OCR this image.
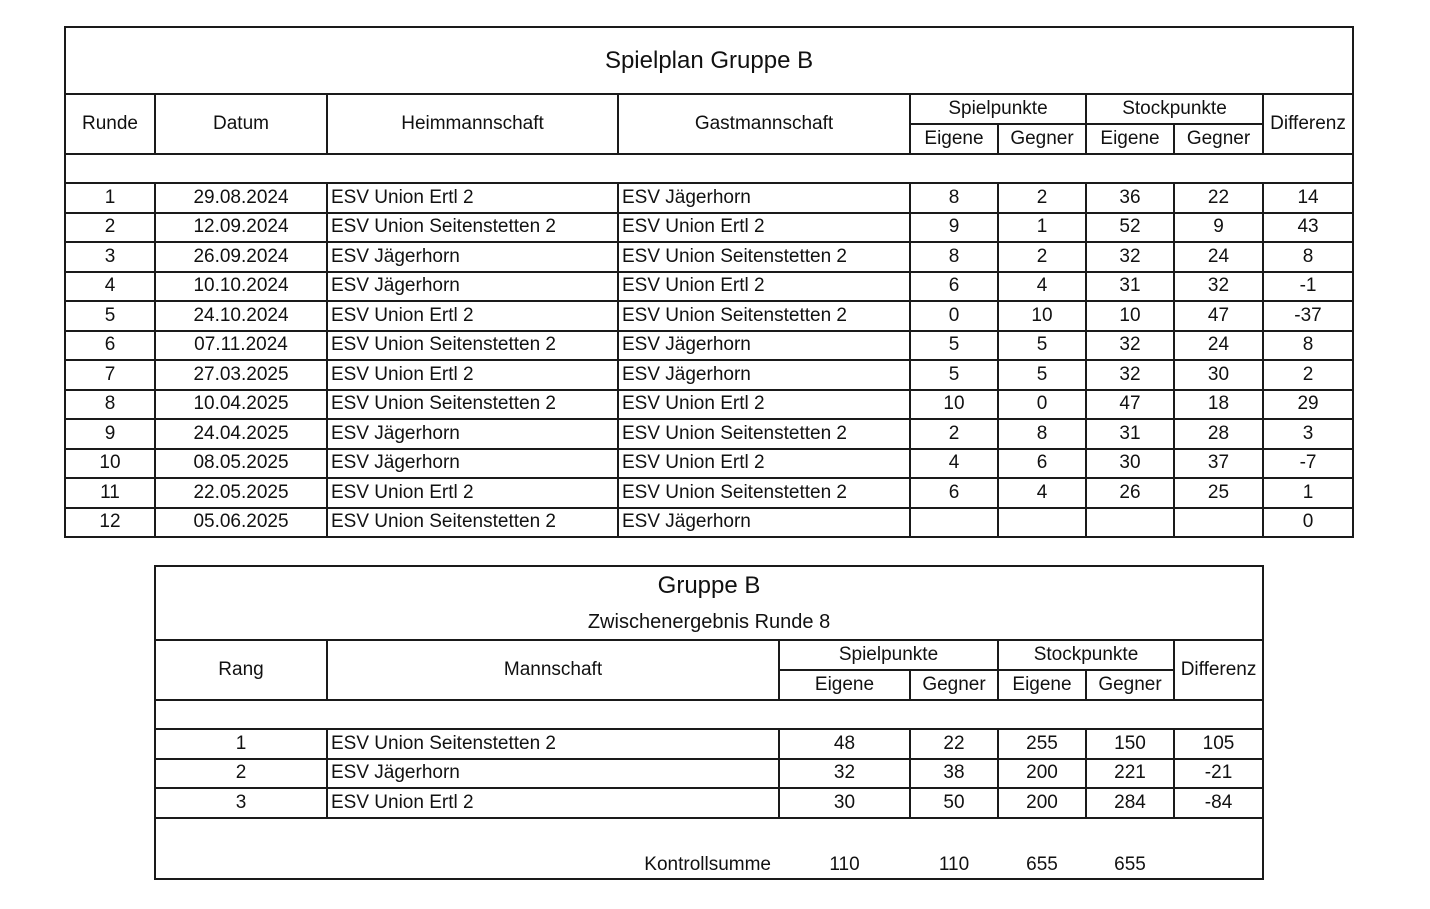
Spielplan Gruppe B								
Runde	Datum	Heimmannschaft	Gastmannschaft	Spielpunkte		Stockpunkte		Differenz
				Eigene	Gegner	Eigene	Gegner	

1	29.08.2024	ESV Union Ertl 2	ESV Jägerhorn	8	2	36	22	14
2	12.09.2024	ESV Union Seitenstetten 2	ESV Union Ertl 2	9	1	52	9	43
3	26.09.2024	ESV Jägerhorn	ESV Union Seitenstetten 2	8	2	32	24	8
4	10.10.2024	ESV Jägerhorn	ESV Union Ertl 2	6	4	31	32	-1
5	24.10.2024	ESV Union Ertl 2	ESV Union Seitenstetten 2	0	10	10	47	-37
6	07.11.2024	ESV Union Seitenstetten 2	ESV Jägerhorn	5	5	32	24	8
7	27.03.2025	ESV Union Ertl 2	ESV Jägerhorn	5	5	32	30	2
8	10.04.2025	ESV Union Seitenstetten 2	ESV Union Ertl 2	10	0	47	18	29
9	24.04.2025	ESV Jägerhorn	ESV Union Seitenstetten 2	2	8	31	28	3
10	08.05.2025	ESV Jägerhorn	ESV Union Ertl 2	4	6	30	37	-7
11	22.05.2025	ESV Union Ertl 2	ESV Union Seitenstetten 2	6	4	26	25	1
12	05.06.2025	ESV Union Seitenstetten 2	ESV Jägerhorn					0
Gruppe B						
Zwischenergebnis Runde 8						
Rang	Mannschaft	Spielpunkte		Stockpunkte		Differenz
		Eigene	Gegner	Eigene	Gegner	

1	ESV Union Seitenstetten 2	48	22	255	150	105
2	ESV Jägerhorn	32	38	200	221	-21
3	ESV Union Ertl 2	30	50	200	284	-84
	Kontrollsumme	110	110	655	655	
